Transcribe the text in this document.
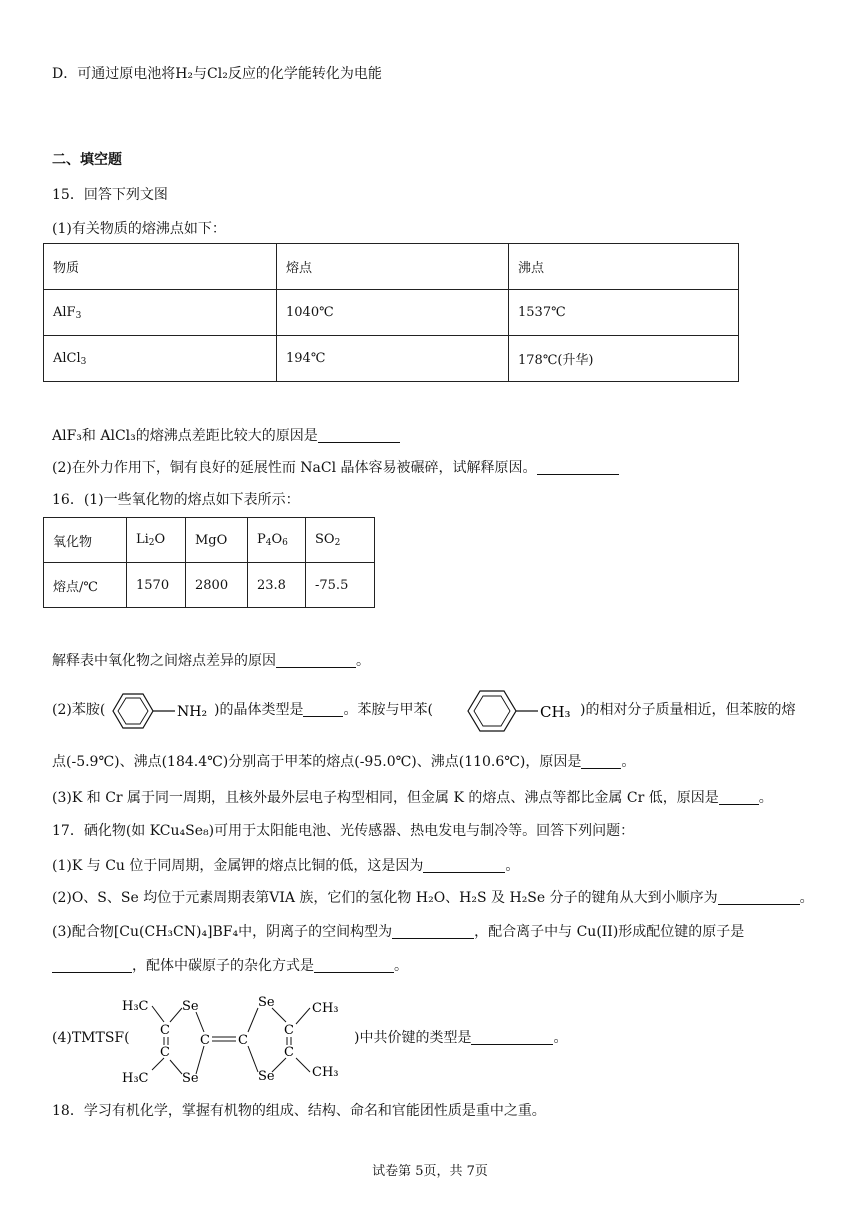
D．可通过原电池将H₂与Cl₂反应的化学能转化为电能
二、填空题
15．回答下列文图
(1)有关物质的熔沸点如下：
物质	熔点	沸点
AlF$_3$	1040℃	1537℃
AlCl$_3$	194℃	178℃(升华)
AlF₃和 AlCl₃的熔沸点差距比较大的原因是
(2)在外力作用下，铜有良好的延展性而 NaCl 晶体容易被碾碎，试解释原因。
16．(1)一些氧化物的熔点如下表所示：
氧化物	$Li_2O$	MgO	$P_4O_6$	$SO_2$
熔点/℃	1570	2800	23.8	-75.5
解释表中氧化物之间熔点差异的原因	。
(2)苯胺(	NH₂ )的晶体类型是	。苯胺与甲苯(	CH₃ )的相对分子质量相近，但苯胺的熔
点(-5.9℃)、沸点(184.4℃)分别高于甲苯的熔点(-95.0℃)、沸点(110.6℃)，原因是	。
(3)K 和 Cr 属于同一周期，且核外最外层电子构型相同，但金属 K 的熔点、沸点等都比金属 Cr 低，原因是	。
17．硒化物(如 KCu₄Se₈)可用于太阳能电池、光传感器、热电发电与制冷等。回答下列问题：
(1)K 与 Cu 位于同周期，金属钾的熔点比铜的低，这是因为	。
(2)O、S、Se 均位于元素周期表第VIA 族，它们的氢化物 H₂O、H₂S 及 H₂Se 分子的键角从大到小顺序为	。
(3)配合物[Cu(CH₃CN)₄]BF₄中，阴离子的空间构型为	，配合离子中与 Cu(II)形成配位键的原子是
，配体中碳原子的杂化方式是	。
(4)TMTSF(
H₃C	Se
C
C
C
H₃C	Se
Se
C
C
C
CH₃
Se	CH₃
)中共价键的类型是	。
18．学习有机化学，掌握有机物的组成、结构、命名和官能团性质是重中之重。
试卷第 5页，共 7页
